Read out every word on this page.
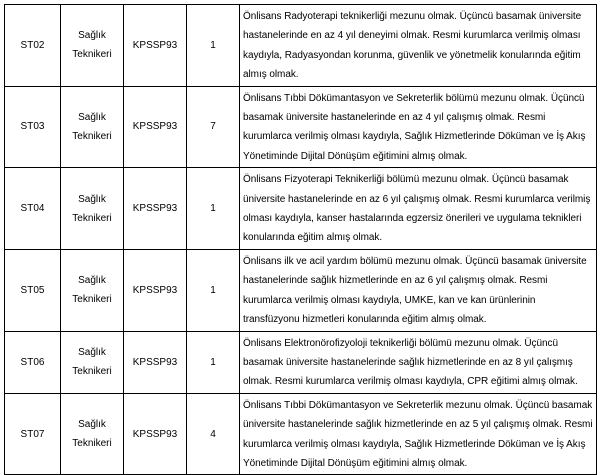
ST02	Sağlık
Teknikeri	KPSSP93	1	Önlisans Radyoterapi teknikerliği mezunu olmak. Üçüncü basamak üniversite hastanelerinde en az 4 yıl deneyimi olmak. Resmi kurumlarca verilmiş olması kaydıyla, Radyasyondan korunma, güvenlik ve yönetmelik konularında eğitim almış olmak.
ST03	Sağlık
Teknikeri	KPSSP93	7	Önlisans Tıbbi Dökümantasyon ve Sekreterlik bölümü mezunu olmak. Üçüncü basamak üniversite hastanelerinde en az 4 yıl çalışmış olmak. Resmi kurumlarca verilmiş olması kaydıyla, Sağlık Hizmetlerinde Döküman ve İş Akış Yönetiminde Dijital Dönüşüm eğitimini almış olmak.
ST04	Sağlık
Teknikeri	KPSSP93	1	Önlisans Fizyoterapi Teknikerliği bölümü mezunu olmak. Üçüncü basamak üniversite hastanelerinde en az 6 yıl çalışmış olmak. Resmi kurumlarca verilmiş olması kaydıyla, kanser hastalarında egzersiz önerileri ve uygulama teknikleri konularında eğitim almış olmak.
ST05	Sağlık
Teknikeri	KPSSP93	1	Önlisans ilk ve acil yardım bölümü mezunu olmak. Üçüncü basamak üniversite hastanelerinde sağlık hizmetlerinde en az 6 yıl çalışmış olmak. Resmi kurumlarca verilmiş olması kaydıyla, UMKE, kan ve kan ürünlerinin transfüzyonu hizmetleri konularında eğitim almış olmak.
ST06	Sağlık
Teknikeri	KPSSP93	1	Önlisans Elektronörofizyoloji teknikerliği bölümü mezunu olmak. Üçüncü basamak üniversite hastanelerinde sağlık hizmetlerinde en az 8 yıl çalışmış olmak. Resmi kurumlarca verilmiş olması kaydıyla, CPR eğitimi almış olmak.
ST07	Sağlık
Teknikeri	KPSSP93	4	Önlisans Tıbbi Dökümantasyon ve Sekreterlik mezunu olmak. Üçüncü basamak üniversite hastanelerinde sağlık hizmetlerinde en az 5 yıl çalışmış olmak. Resmi kurumlarca verilmiş olması kaydıyla, Sağlık Hizmetlerinde Döküman ve İş Akış Yönetiminde Dijital Dönüşüm eğitimini almış olmak.
